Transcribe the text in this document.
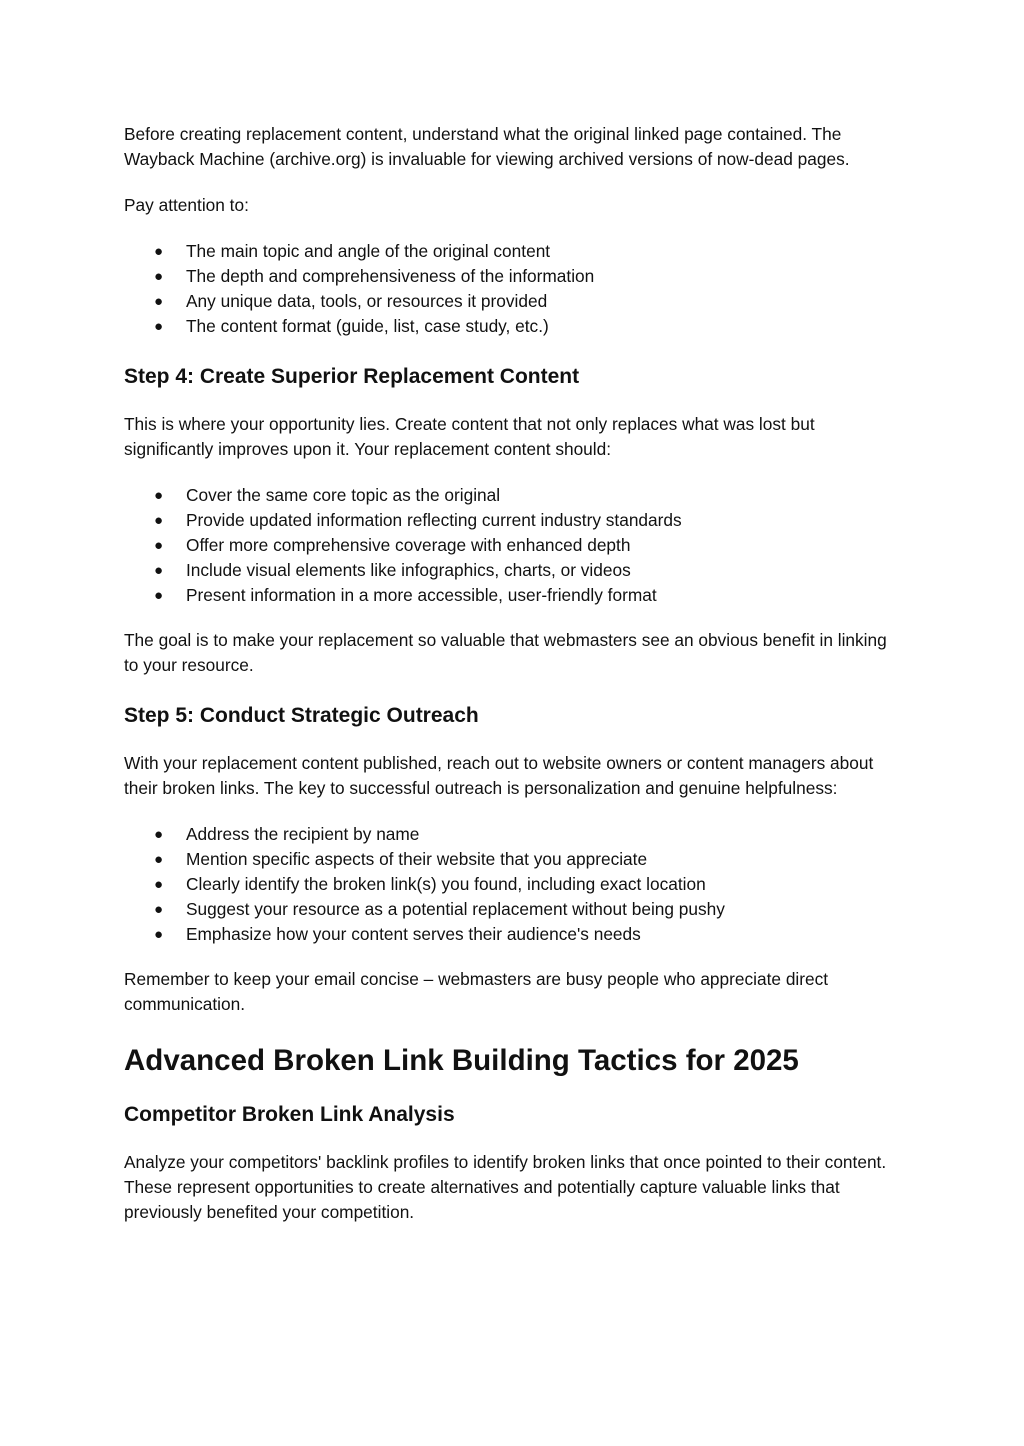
Before creating replacement content, understand what the original linked page contained. The Wayback Machine (archive.org) is invaluable for viewing archived versions of now-dead pages.

Pay attention to:

● The main topic and angle of the original content
● The depth and comprehensiveness of the information
● Any unique data, tools, or resources it provided
● The content format (guide, list, case study, etc.)
Step 4: Create Superior Replacement Content

This is where your opportunity lies. Create content that not only replaces what was lost but significantly improves upon it. Your replacement content should:

● Cover the same core topic as the original
● Provide updated information reflecting current industry standards
● Offer more comprehensive coverage with enhanced depth
● Include visual elements like infographics, charts, or videos
● Present information in a more accessible, user-friendly format

The goal is to make your replacement so valuable that webmasters see an obvious benefit in linking to your resource.

Step 5: Conduct Strategic Outreach

With your replacement content published, reach out to website owners or content managers about their broken links. The key to successful outreach is personalization and genuine helpfulness:

● Address the recipient by name
● Mention specific aspects of their website that you appreciate
● Clearly identify the broken link(s) you found, including exact location
● Suggest your resource as a potential replacement without being pushy
● Emphasize how your content serves their audience's needs

Remember to keep your email concise – webmasters are busy people who appreciate direct communication.

Advanced Broken Link Building Tactics for 2025
Competitor Broken Link Analysis

Analyze your competitors' backlink profiles to identify broken links that once pointed to their content. These represent opportunities to create alternatives and potentially capture valuable links that previously benefited your competition.
